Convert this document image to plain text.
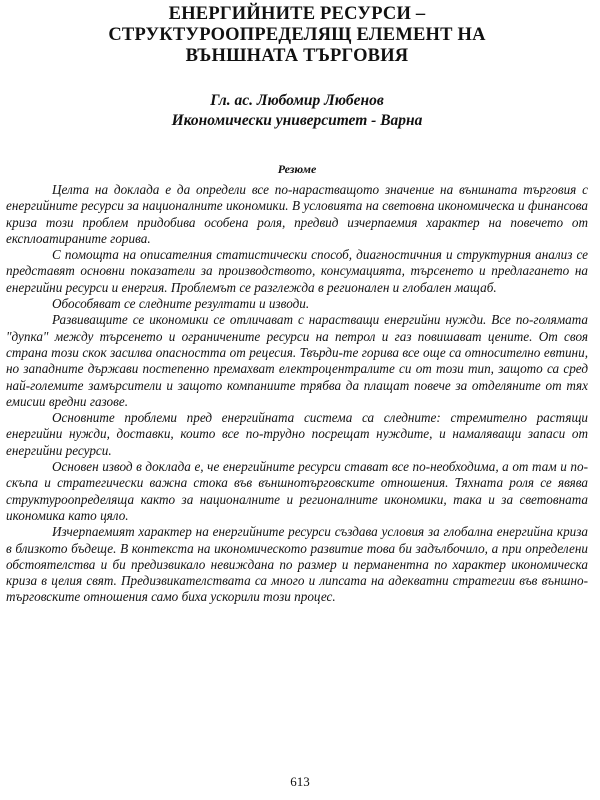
ЕНЕРГИЙНИТЕ РЕСУРСИ –
СТРУКТУРООПРЕДЕЛЯЩ ЕЛЕМЕНТ НА
ВЪНШНАТА ТЪРГОВИЯ
Гл. ас. Любомир Любенов
Икономически университет - Варна
Резюме

Целта на доклада е да определи все по-нарастващото значение на външната търговия с енергийните ресурси за националните икономики. В условията на световна икономическа и финансова криза този проблем придобива особена роля, предвид изчерпаемия характер на повечето от експлоатираните горива.

С помощта на описателния статистически способ, диагностичния и структурния анализ се представят основни показатели за производството, консумацията, търсенето и предлагането на енергийни ресурси и енергия. Проблемът се разглежда в регионален и глобален мащаб.

Обособяват се следните резултати и изводи.

Развиващите се икономики се отличават с нарастващи енергийни нужди. Все по-голямата "дупка" между търсенето и ограничените ресурси на петрол и газ повишават цените. От своя страна този скок засилва опасността от рецесия. Твърди-те горива все още са относително евтини, но западните държави постепенно премахват електроцентралите си от този тип, защото са сред най-големите замърсители и защото компаниите трябва да плащат повече за отделяните от тях емисии вредни газове.

Основните проблеми пред енергийната система са следните: стремително растящи енергийни нужди, доставки, които все по-трудно посрещат нуждите, и намаляващи запаси от енергийни ресурси.

Основен извод в доклада е, че енергийните ресурси стават все по-необходима, а от там и по-скъпа и стратегически важна стока във външнотърговските отношения. Тяхната роля се явява структуроопределяща както за националните и регионалните икономики, така и за световната икономика като цяло.

Изчерпаемият характер на енергийните ресурси създава условия за глобална енергийна криза в близкото бъдеще. В контекста на икономическото развитие това би задълбочило, а при определени обстоятелства и би предизвикало невиждана по размер и перманентна по характер икономическа криза в целия свят. Предизвикателствата са много и липсата на адекватни стратегии във външно-търговските отношения само биха ускорили този процес.

613
